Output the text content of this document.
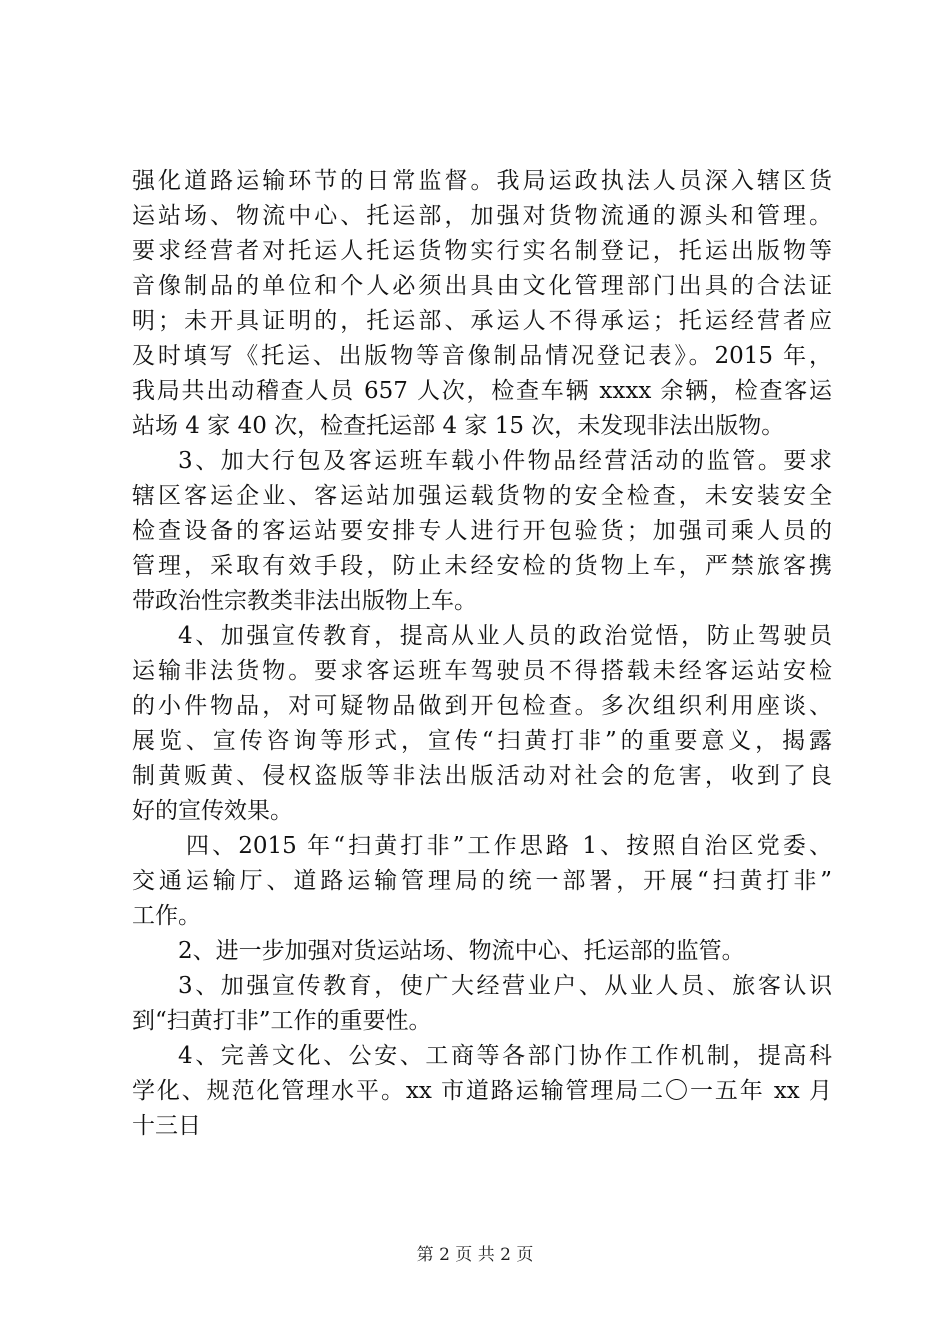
强化道路运输环节的日常监督。我局运政执法人员深入辖区货
运站场、物流中心、托运部，加强对货物流通的源头和管理。
要求经营者对托运人托运货物实行实名制登记，托运出版物等
音像制品的单位和个人必须出具由文化管理部门出具的合法证
明；未开具证明的，托运部、承运人不得承运；托运经营者应
及时填写《托运、出版物等音像制品情况登记表》。2015 年，
我局共出动稽查人员 657 人次，检查车辆 xxxx 余辆，检查客运
站场 4 家 40 次，检查托运部 4 家 15 次，未发现非法出版物。
3、加大行包及客运班车载小件物品经营活动的监管。要求
辖区客运企业、客运站加强运载货物的安全检查，未安装安全
检查设备的客运站要安排专人进行开包验货；加强司乘人员的
管理，采取有效手段，防止未经安检的货物上车，严禁旅客携
带政治性宗教类非法出版物上车。
4、加强宣传教育，提高从业人员的政治觉悟，防止驾驶员
运输非法货物。要求客运班车驾驶员不得搭载未经客运站安检
的小件物品，对可疑物品做到开包检查。多次组织利用座谈、
展览、宣传咨询等形式，宣传“扫黄打非”的重要意义，揭露
制黄贩黄、侵权盗版等非法出版活动对社会的危害，收到了良
好的宣传效果。
四、2015 年“扫黄打非”工作思路 1、按照自治区党委、
交通运输厅、道路运输管理局的统一部署，开展“扫黄打非”
工作。
2、进一步加强对货运站场、物流中心、托运部的监管。
3、加强宣传教育，使广大经营业户、从业人员、旅客认识
到“扫黄打非”工作的重要性。
4、完善文化、公安、工商等各部门协作工作机制，提高科
学化、规范化管理水平。xx 市道路运输管理局二〇一五年 xx 月
十三日
第 2 页 共 2 页
